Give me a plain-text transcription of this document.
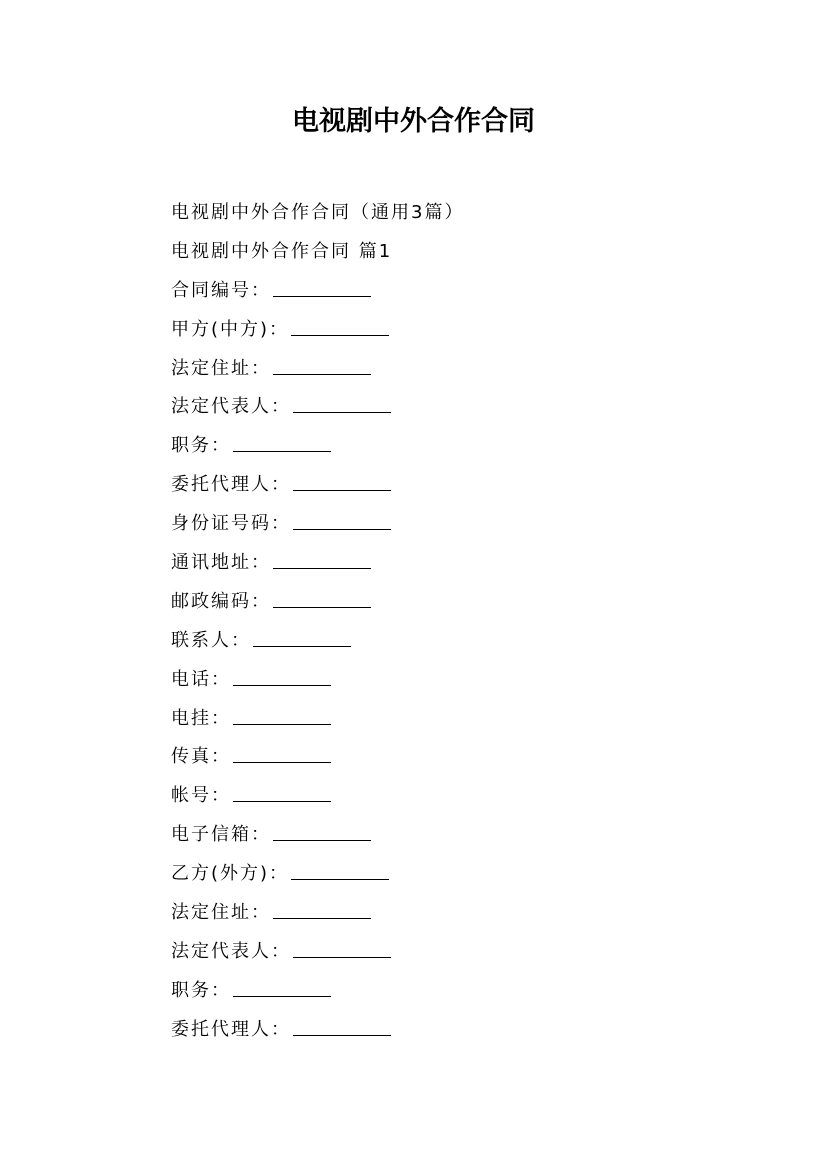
电视剧中外合作合同
电视剧中外合作合同（通用3篇）
电视剧中外合作合同 篇1
合同编号：
甲方(中方)：
法定住址：
法定代表人：
职务：
委托代理人：
身份证号码：
通讯地址：
邮政编码：
联系人：
电话：
电挂：
传真：
帐号：
电子信箱：
乙方(外方)：
法定住址：
法定代表人：
职务：
委托代理人：
